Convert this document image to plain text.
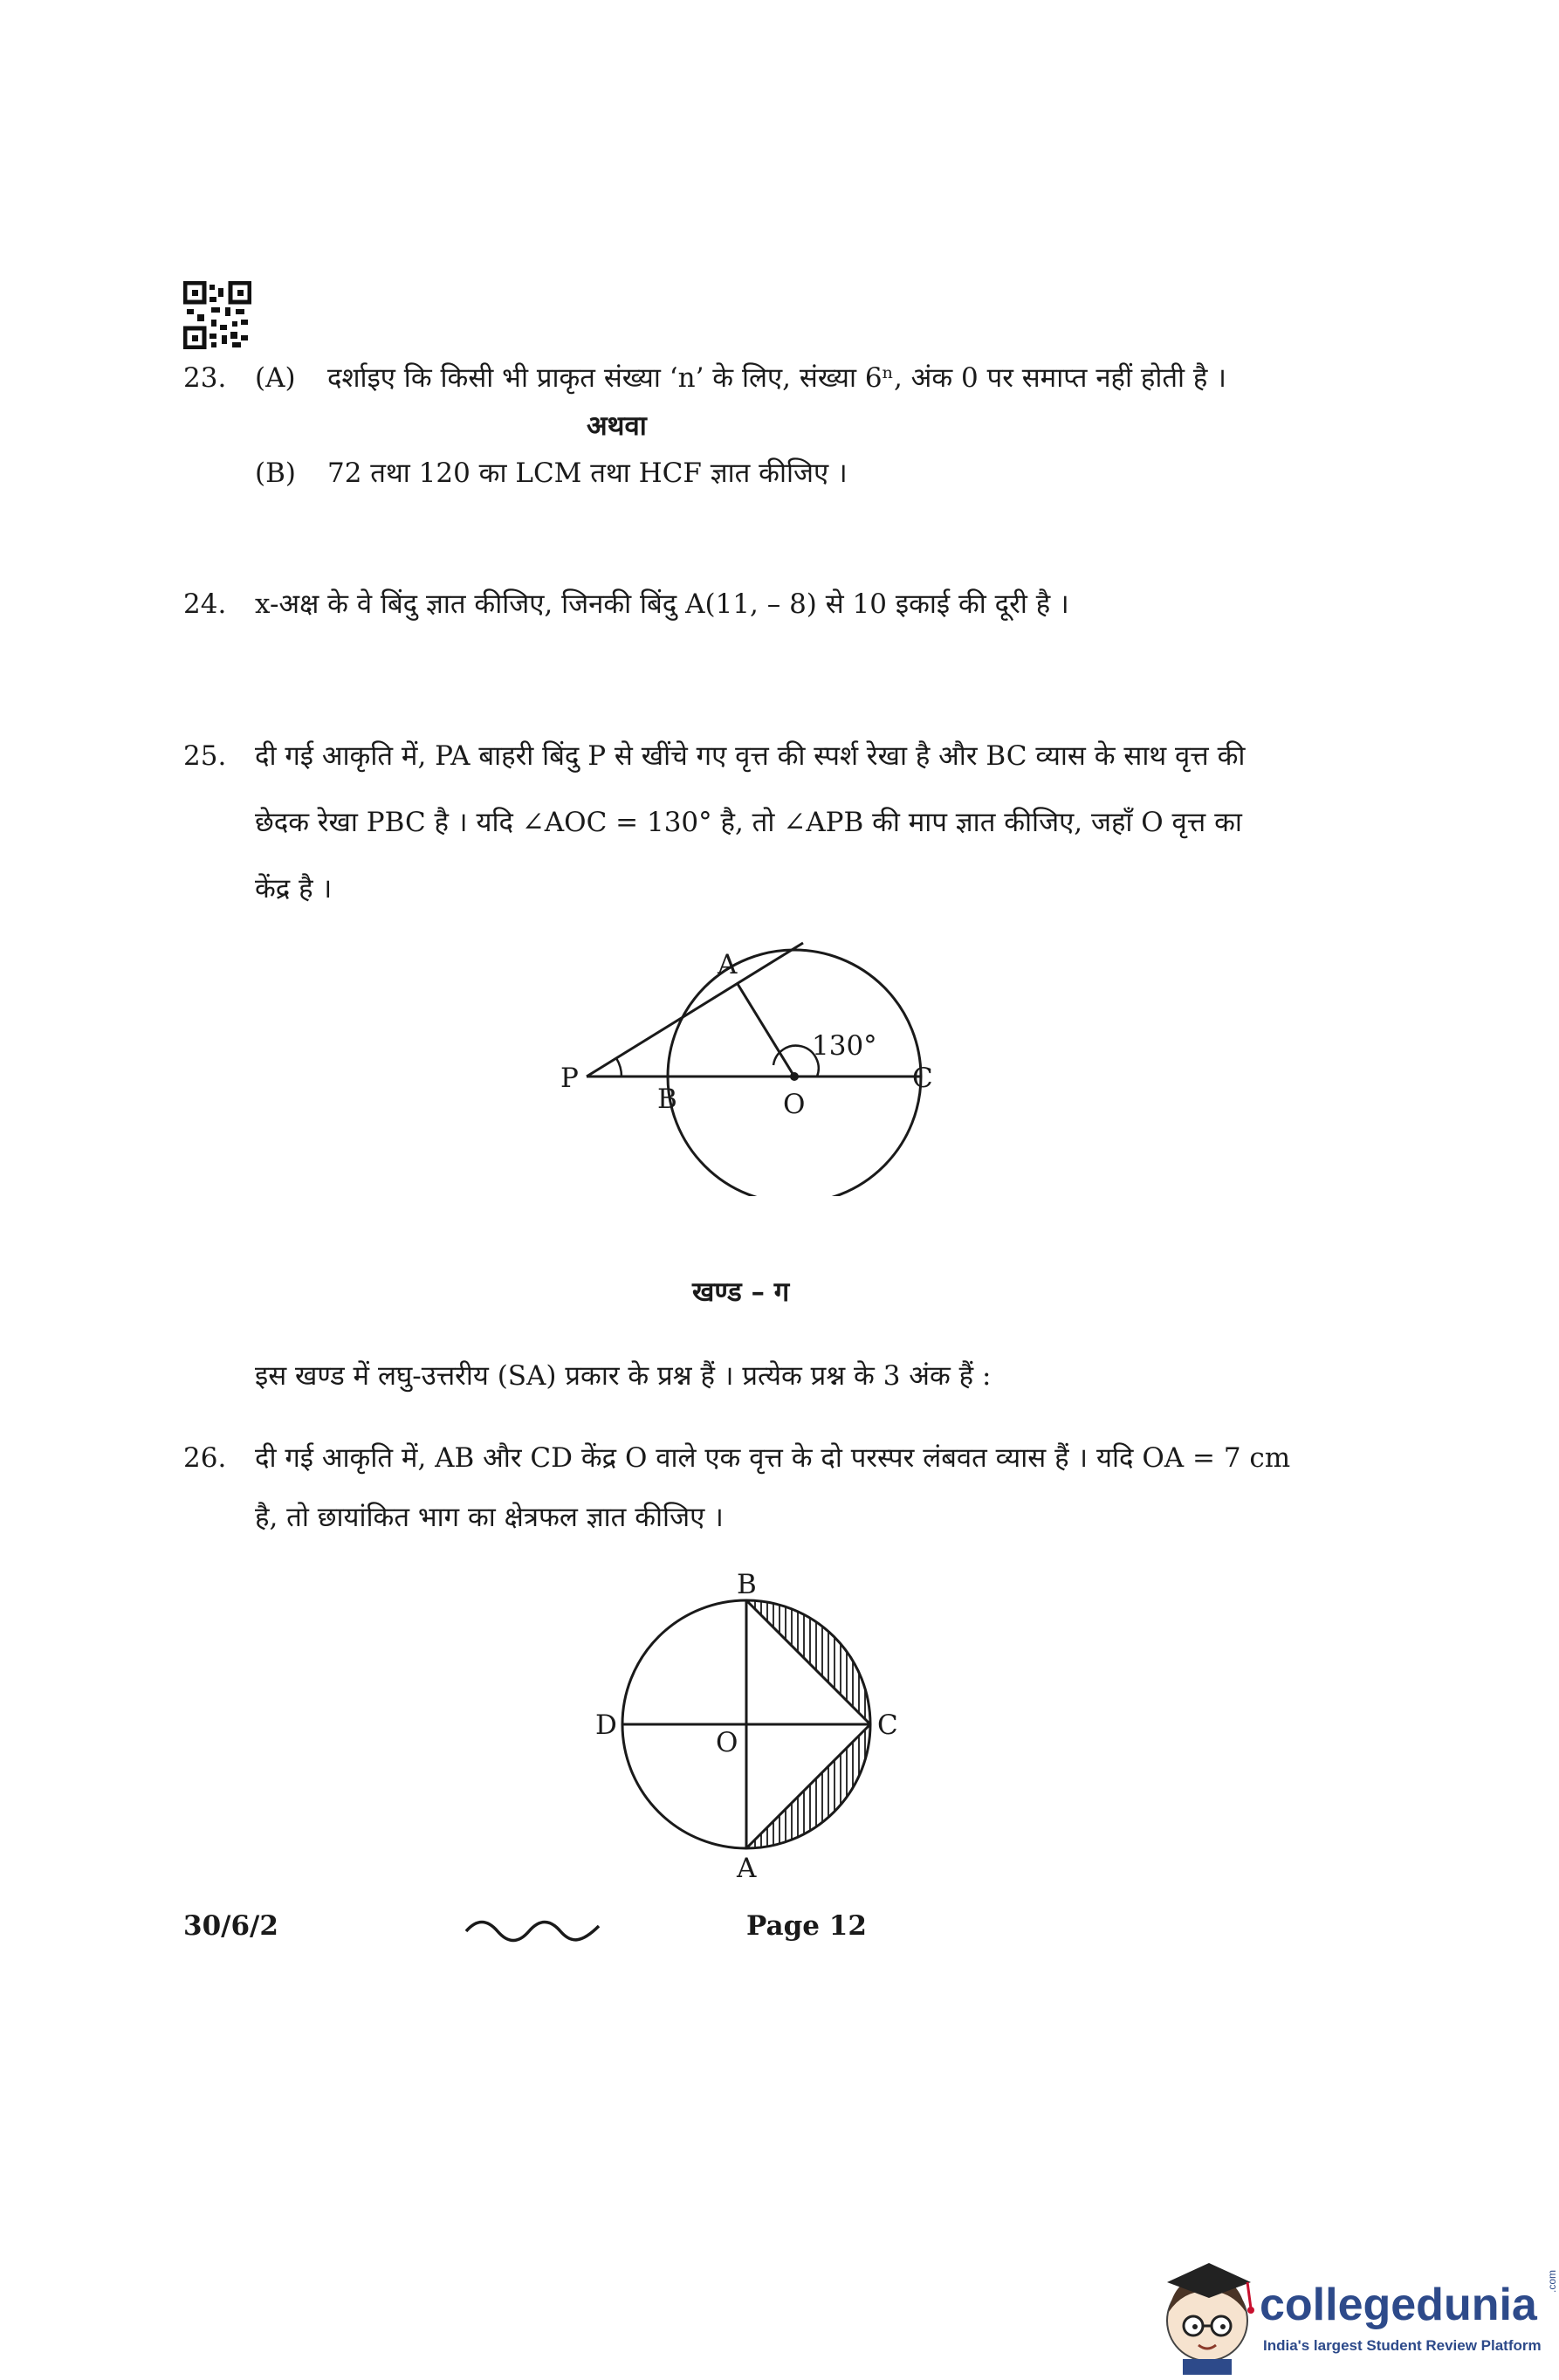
23. (A) दर्शाइए कि किसी भी प्राकृत संख्या ‘n’ के लिए, संख्या 6ⁿ, अंक 0 पर समाप्त नहीं होती है ।
अथवा
(B) 72 तथा 120 का LCM तथा HCF ज्ञात कीजिए ।
24. x-अक्ष के वे बिंदु ज्ञात कीजिए, जिनकी बिंदु A(11, – 8) से 10 इकाई की दूरी है ।
25. दी गई आकृति में, PA बाहरी बिंदु P से खींचे गए वृत्त की स्पर्श रेखा है और BC व्यास के साथ वृत्त की
छेदक रेखा PBC है । यदि ∠AOC = 130° है, तो ∠APB की माप ज्ञात कीजिए, जहाँ O वृत्त का
केंद्र है ।
A
P
B	O
C
130°
खण्ड – ग
इस खण्ड में लघु-उत्तरीय (SA) प्रकार के प्रश्न हैं । प्रत्येक प्रश्न के 3 अंक हैं :
26. दी गई आकृति में, AB और CD केंद्र O वाले एक वृत्त के दो परस्पर लंबवत व्यास हैं । यदि OA = 7 cm
है, तो छायांकित भाग का क्षेत्रफल ज्ञात कीजिए ।
B
D
O
C
A
30/6/2	Page 12
collegedunia .com
India's largest Student Review Platform
